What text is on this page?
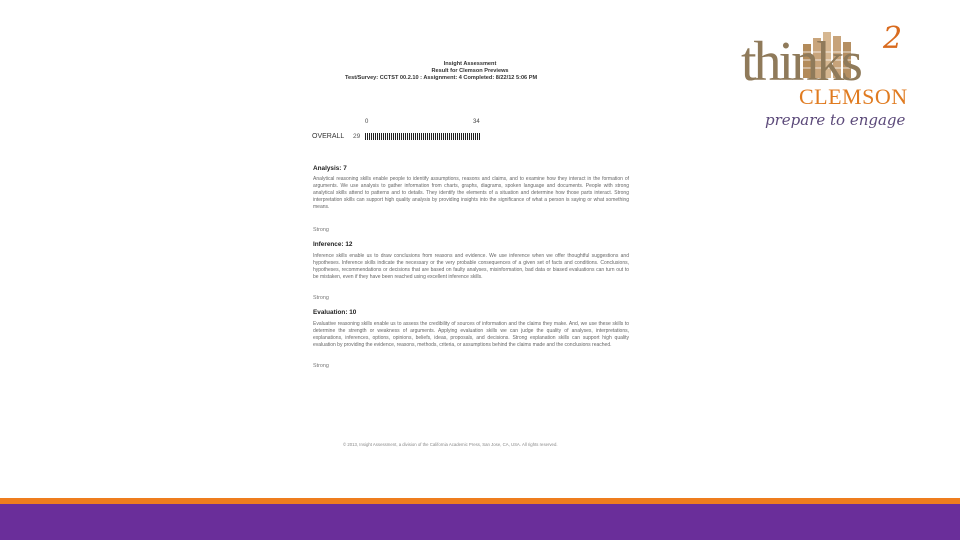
Insight Assessment
Result for Clemson Previews
Test/Survey: CCTST 00.2.10 : Assignment: 4 Completed: 8/22/12 5:06 PM
0	34
OVERALL 29
Analysis: 7
Analytical reasoning skills enable people to identify assumptions, reasons and claims, and to examine how they interact in the formation of arguments. We use analysis to gather information from charts, graphs, diagrams, spoken language and documents. People with strong analytical skills attend to patterns and to details. They identify the elements of a situation and determine how those parts interact. Strong interpretation skills can support high quality analysis by providing insights into the significance of what a person is saying or what something means.
Strong
Inference: 12
Inference skills enable us to draw conclusions from reasons and evidence. We use inference when we offer thoughtful suggestions and hypotheses. Inference skills indicate the necessary or the very probable consequences of a given set of facts and conditions. Conclusions, hypotheses, recommendations or decisions that are based on faulty analyses, misinformation, bad data or biased evaluations can turn out to be mistaken, even if they have been reached using excellent inference skills.
Strong
Evaluation: 10
Evaluative reasoning skills enable us to assess the credibility of sources of information and the claims they make. And, we use these skills to determine the strength or weakness of arguments. Applying evaluation skills we can judge the quality of analyses, interpretations, explanations, inferences, options, opinions, beliefs, ideas, proposals, and decisions. Strong explanation skills can support high quality evaluation by providing the evidence, reasons, methods, criteria, or assumptions behind the claims made and the conclusions reached.
Strong
© 2013, Insight Assessment, a division of the California Academic Press, San Jose, CA, USA. All rights reserved.
thinks 2
CLEMSON
prepare to engage
